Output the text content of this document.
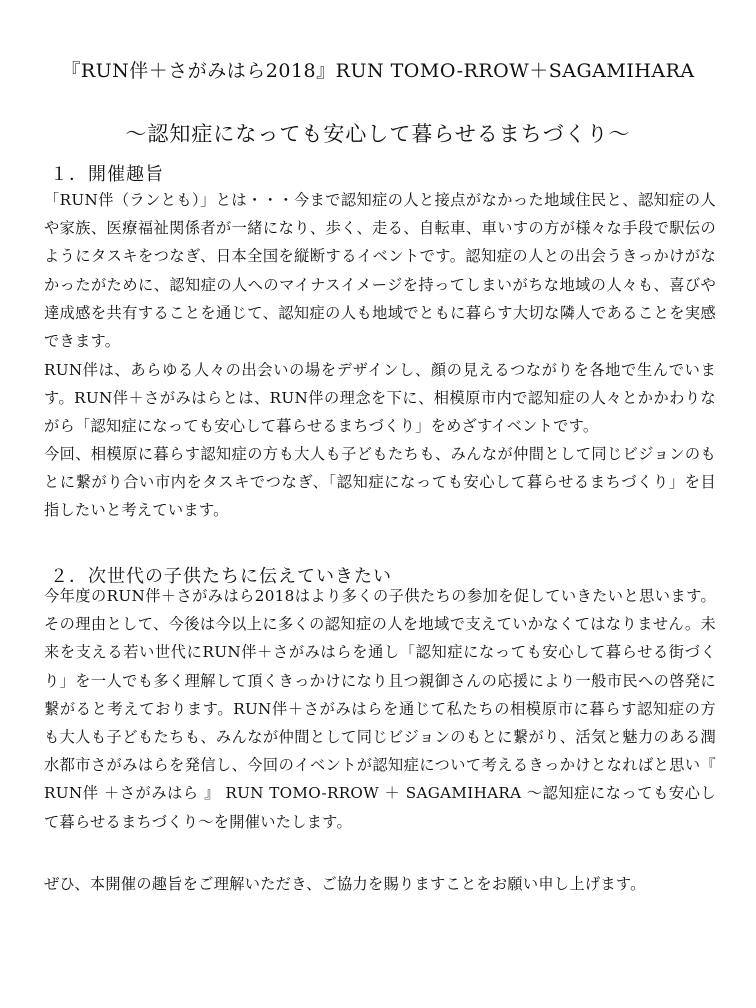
『RUN伴＋さがみはら2018』RUN TOMO-RROW＋SAGAMIHARA
～認知症になっても安心して暮らせるまちづくり～
１．開催趣旨

「RUN伴（ランとも）」とは・・・今まで認知症の人と接点がなかった地域住民と、認知症の人や家族、医療福祉関係者が一緒になり、歩く、走る、自転車、車いすの方が様々な手段で駅伝のようにタスキをつなぎ、日本全国を縦断するイベントです。認知症の人との出会うきっかけがなかったがために、認知症の人へのマイナスイメージを持ってしまいがちな地域の人々も、喜びや達成感を共有することを通じて、認知症の人も地域でともに暮らす大切な隣人であることを実感できます。

RUN伴は、あらゆる人々の出会いの場をデザインし、顔の見えるつながりを各地で生んでいます。RUN伴＋さがみはらとは、RUN伴の理念を下に、相模原市内で認知症の人々とかかわりながら「認知症になっても安心して暮らせるまちづくり」をめざすイベントです。

今回、相模原に暮らす認知症の方も大人も子どもたちも、みんなが仲間として同じビジョンのもとに繋がり合い市内をタスキでつなぎ、「認知症になっても安心して暮らせるまちづくり」を目指したいと考えています。

２．次世代の子供たちに伝えていきたい

今年度のRUN伴＋さがみはら2018はより多くの子供たちの参加を促していきたいと思います。その理由として、今後は今以上に多くの認知症の人を地域で支えていかなくてはなりません。未来を支える若い世代にRUN伴＋さがみはらを通し「認知症になっても安心して暮らせる街づくり」を一人でも多く理解して頂くきっかけになり且つ親御さんの応援により一般市民への啓発に繋がると考えております。RUN伴＋さがみはらを通じて私たちの相模原市に暮らす認知症の方も大人も子どもたちも、みんなが仲間として同じビジョンのもとに繋がり、活気と魅力のある潤水都市さがみはらを発信し、今回のイベントが認知症について考えるきっかけとなればと思い『 RUN伴 ＋さがみはら 』 RUN TOMO-RROW ＋ SAGAMIHARA ～認知症になっても安心して暮らせるまちづくり～を開催いたします。

ぜひ、本開催の趣旨をご理解いただき、ご協力を賜りますことをお願い申し上げます。
